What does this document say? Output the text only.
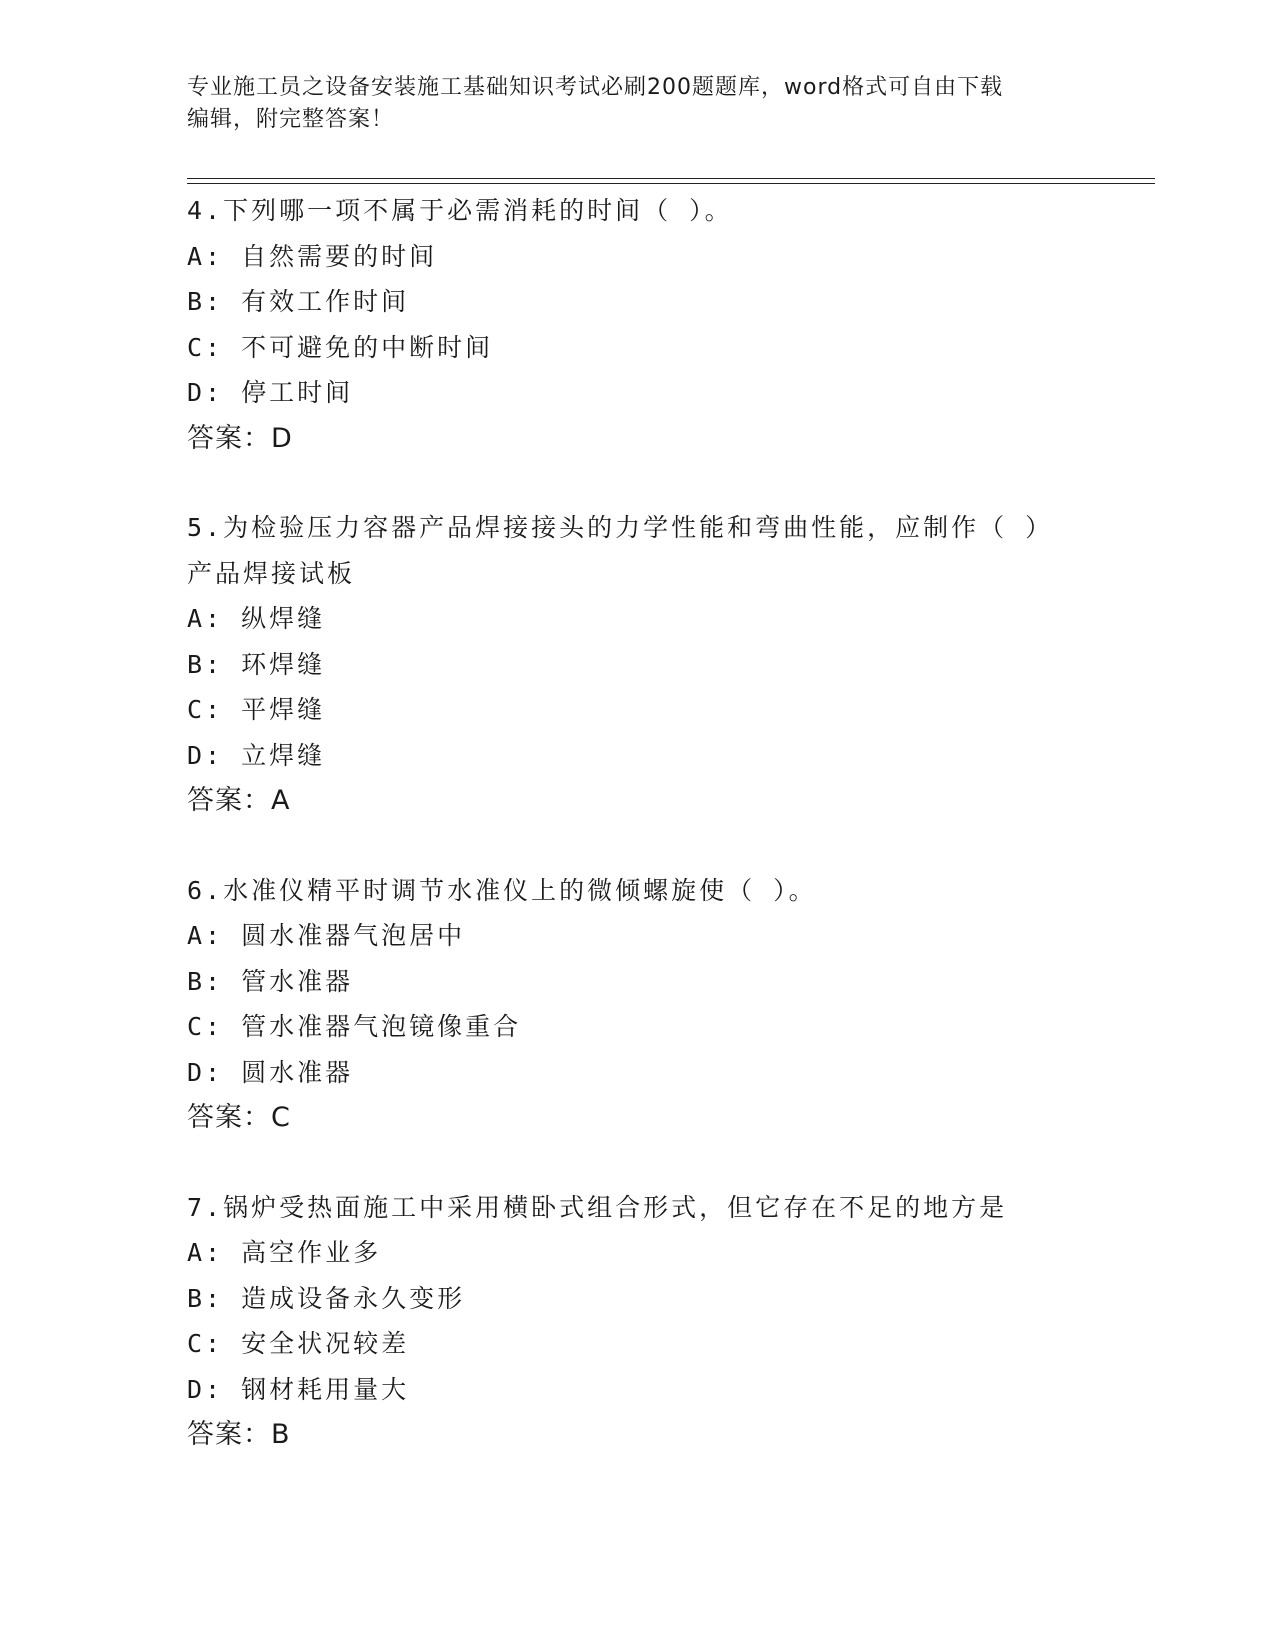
专业施工员之设备安装施工基础知识考试必刷200题题库，word格式可自由下载
编辑，附完整答案！
4.下列哪一项不属于必需消耗的时间（ ）。
A: 自然需要的时间
B: 有效工作时间
C: 不可避免的中断时间
D: 停工时间
答案：D
5.为检验压力容器产品焊接接头的力学性能和弯曲性能，应制作（ ）
产品焊接试板
A: 纵焊缝
B: 环焊缝
C: 平焊缝
D: 立焊缝
答案：A
6.水准仪精平时调节水准仪上的微倾螺旋使（ ）。
A: 圆水准器气泡居中
B: 管水准器
C: 管水准器气泡镜像重合
D: 圆水准器
答案：C
7.锅炉受热面施工中采用横卧式组合形式，但它存在不足的地方是
A: 高空作业多
B: 造成设备永久变形
C: 安全状况较差
D: 钢材耗用量大
答案：B
